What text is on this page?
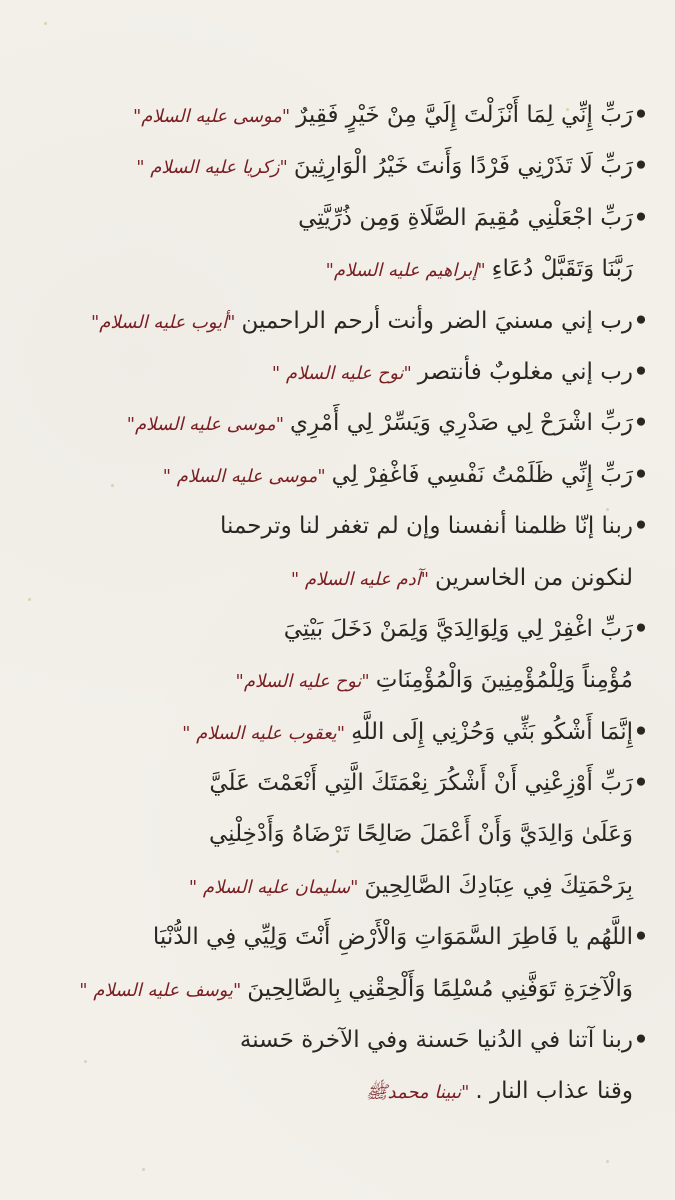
•رَبِّ إِنِّي لِمَا أَنْزَلْتَ إِلَيَّ مِنْ خَيْرٍ فَقِيرٌ"موسى عليه السلام"
•رَبِّ لَا تَذَرْنِي فَرْدًا وَأَنتَ خَيْرُ الْوَارِثِينَ"زكريا عليه السلام "
•رَبِّ اجْعَلْنِي مُقِيمَ الصَّلَاةِ وَمِن ذُرِّيَّتِي
رَبَّنَا وَتَقَبَّلْ دُعَاءِ"إبراهيم عليه السلام"
•رب إني مسنيَ الضر وأنت أرحم الراحمين"أيوب عليه السلام"
•رب إني مغلوبٌ فأنتصر"نوح عليه السلام "
•رَبِّ اشْرَحْ لِي صَدْرِي وَيَسِّرْ لِي أَمْرِي"موسى عليه السلام"
•رَبِّ إِنِّي ظَلَمْتُ نَفْسِي فَاغْفِرْ لِي"موسى عليه السلام "
•ربنا إنّا ظلمنا أنفسنا وإن لم تغفر لنا وترحمنا
لنكونن من الخاسرين"آدم عليه السلام "
•رَبِّ اغْفِرْ لِي وَلِوَالِدَيَّ وَلِمَنْ دَخَلَ بَيْتِيَ
مُؤْمِناً وَلِلْمُؤْمِنِينَ وَالْمُؤْمِنَاتِ"نوح عليه السلام"
•إِنَّمَا أَشْكُو بَثِّي وَحُزْنِي إِلَى اللَّهِ"يعقوب عليه السلام "
•رَبِّ أَوْزِعْنِي أَنْ أَشْكُرَ نِعْمَتَكَ الَّتِي أَنْعَمْتَ عَلَيَّ
وَعَلَىٰ وَالِدَيَّ وَأَنْ أَعْمَلَ صَالِحًا تَرْضَاهُ وَأَدْخِلْنِي
بِرَحْمَتِكَ فِي عِبَادِكَ الصَّالِحِينَ"سليمان عليه السلام "
•اللَّهُم يا فَاطِرَ السَّمَوَاتِ وَالْأَرْضِ أَنْتَ وَلِيِّي فِي الدُّنْيَا
وَالْآخِرَةِ تَوَفَّنِي مُسْلِمًا وَأَلْحِقْنِي بِالصَّالِحِينَ"يوسف عليه السلام "
•ربنا آتنا في الدُنيا حَسنة وفي الآخرة حَسنة
وقنا عذاب النار ."نبينا محمدﷺ
